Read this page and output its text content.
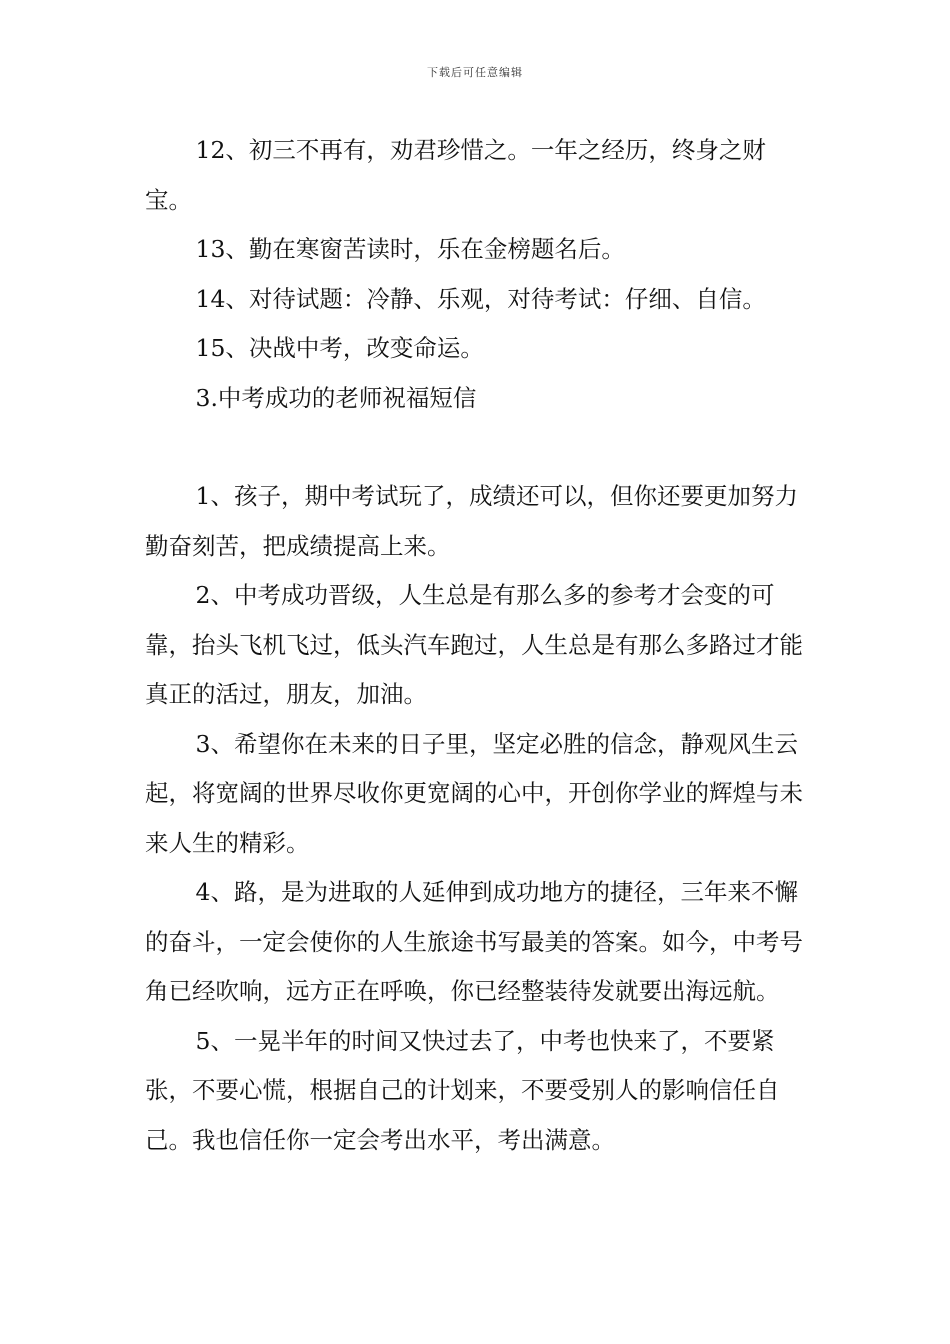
下载后可任意编辑

12、初三不再有，劝君珍惜之。一年之经历，终身之财宝。

13、勤在寒窗苦读时，乐在金榜题名后。

14、对待试题：冷静、乐观，对待考试：仔细、自信。

15、决战中考，改变命运。

3.中考成功的老师祝福短信

1、孩子，期中考试玩了，成绩还可以，但你还要更加努力勤奋刻苦，把成绩提高上来。

2、中考成功晋级，人生总是有那么多的参考才会变的可靠，抬头飞机飞过，低头汽车跑过，人生总是有那么多路过才能真正的活过，朋友，加油。

3、希望你在未来的日子里，坚定必胜的信念，静观风生云起，将宽阔的世界尽收你更宽阔的心中，开创你学业的辉煌与未来人生的精彩。

4、路，是为进取的人延伸到成功地方的捷径，三年来不懈的奋斗，一定会使你的人生旅途书写最美的答案。如今，中考号角已经吹响，远方正在呼唤，你已经整装待发就要出海远航。

5、一晃半年的时间又快过去了，中考也快来了，不要紧张，不要心慌，根据自己的计划来，不要受别人的影响信任自己。我也信任你一定会考出水平，考出满意。
